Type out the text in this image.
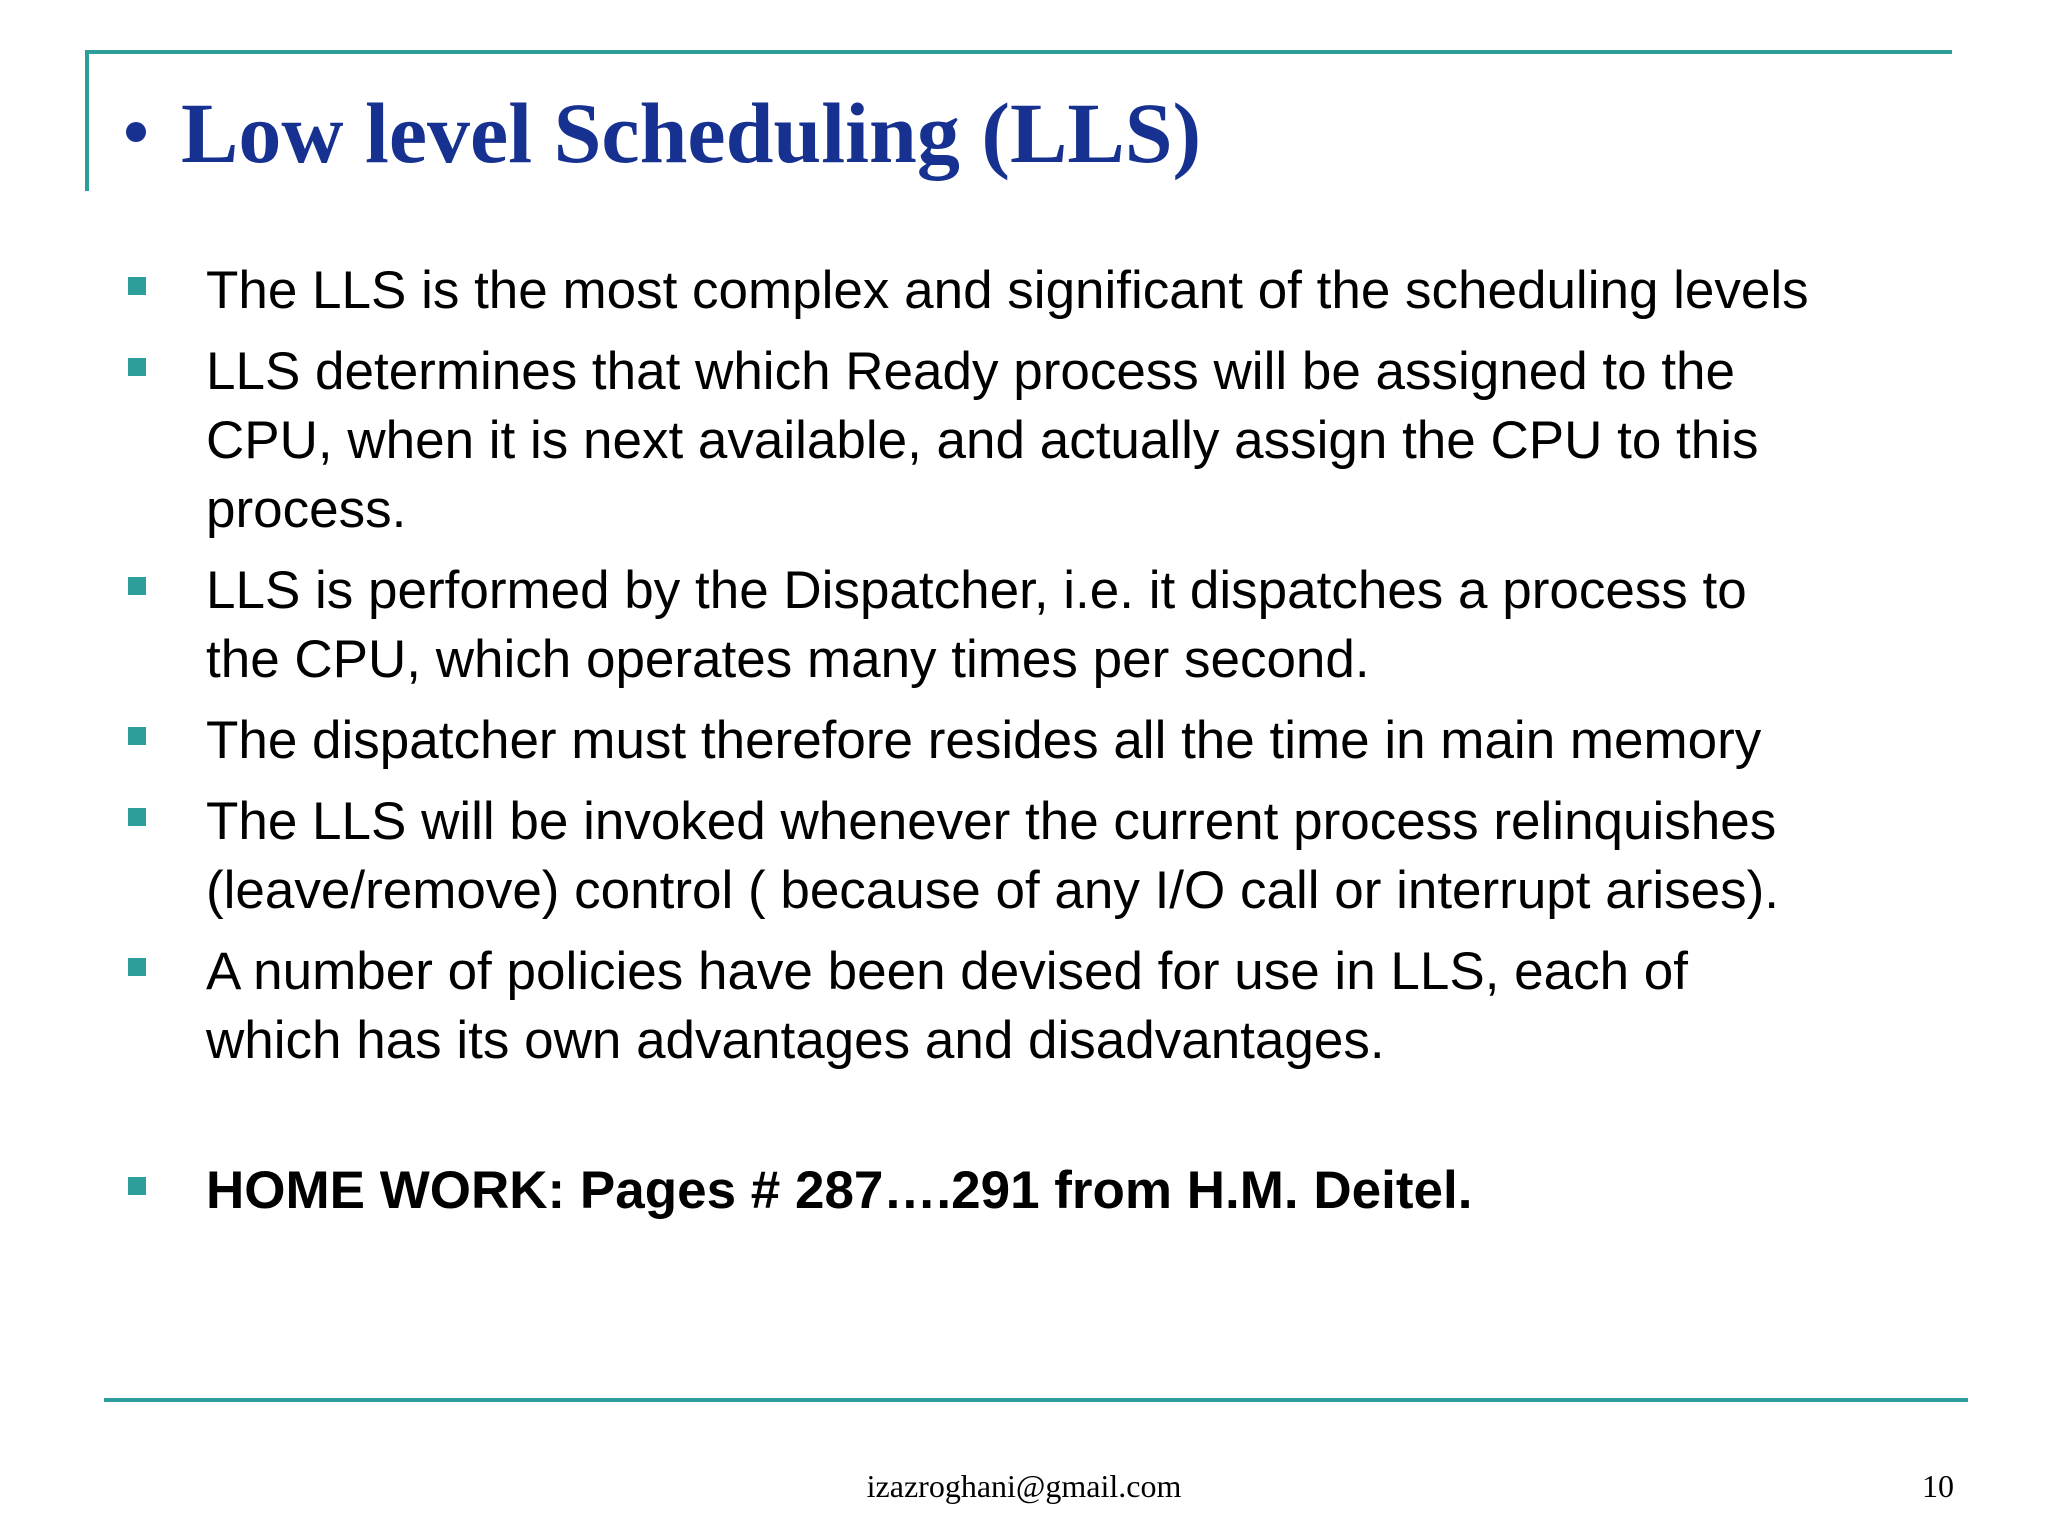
Low level Scheduling (LLS)
The LLS is the most complex and significant of the scheduling levels
LLS determines that which Ready process will be assigned to the
CPU, when it is next available, and actually assign the CPU to this
process.
LLS is performed by the Dispatcher, i.e. it dispatches a process to
the CPU, which operates many times per second.
The dispatcher must therefore resides all the time in main memory
The LLS will be invoked whenever the current process relinquishes
(leave/remove) control ( because of any I/O call or interrupt arises).
A number of policies have been devised for use in LLS, each of
which has its own advantages and disadvantages.
HOME WORK: Pages # 287….291 from H.M. Deitel.
izazroghani@gmail.com	10
